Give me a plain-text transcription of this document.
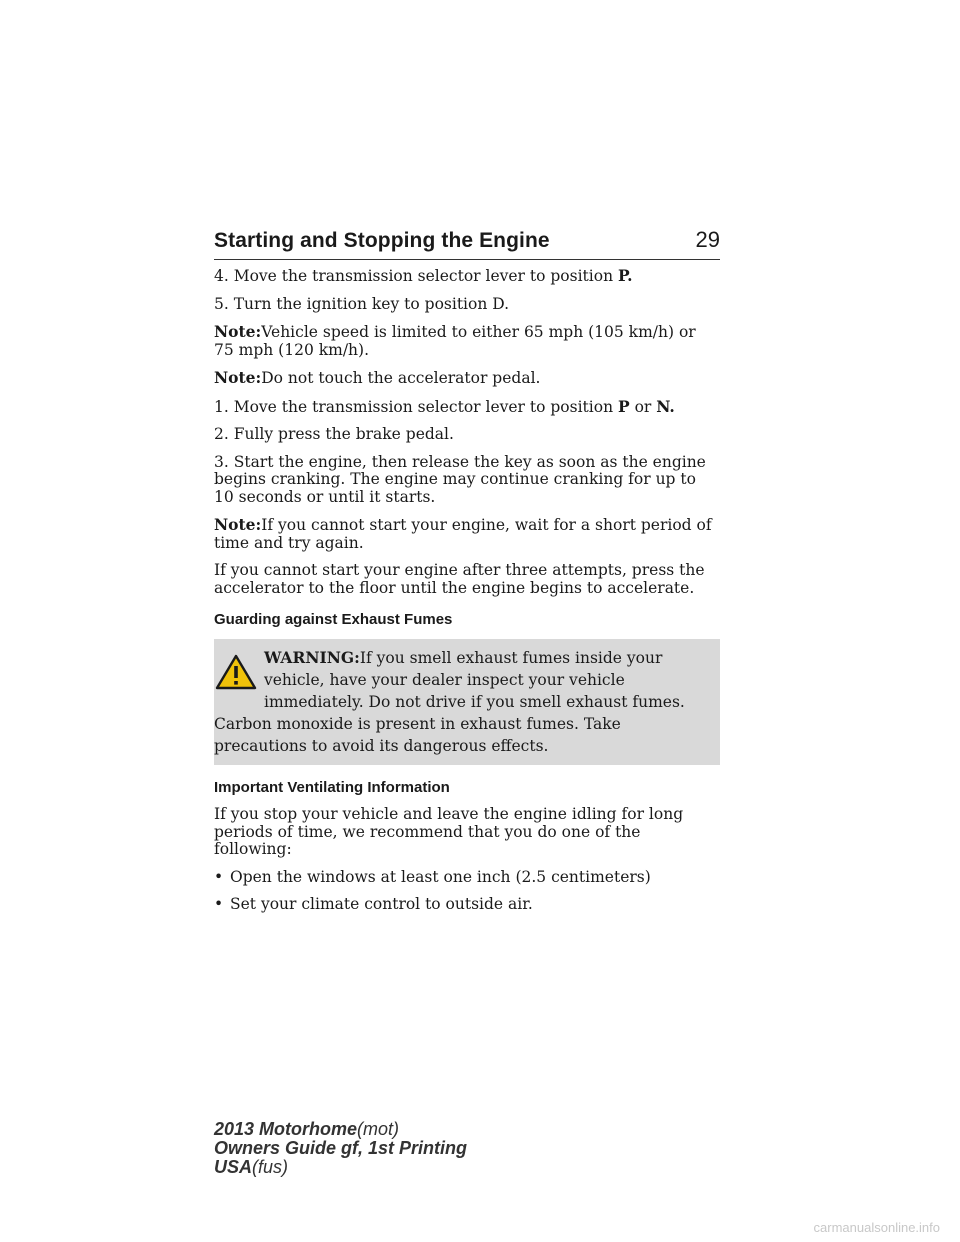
Starting and Stopping the Engine	29

4. Move the transmission selector lever to position P.

5. Turn the ignition key to position D.

Note:Vehicle speed is limited to either 65 mph (105 km/h) or 75 mph (120 km/h).

Note:Do not touch the accelerator pedal.

1. Move the transmission selector lever to position P or N.

2. Fully press the brake pedal.

3. Start the engine, then release the key as soon as the engine begins cranking. The engine may continue cranking for up to 10 seconds or until it starts.

Note:If you cannot start your engine, wait for a short period of time and try again.

If you cannot start your engine after three attempts, press the accelerator to the floor until the engine begins to accelerate.

Guarding against Exhaust Fumes
WARNING:If you smell exhaust fumes inside your vehicle, have your dealer inspect your vehicle immediately. Do not drive if you smell exhaust fumes. Carbon monoxide is present in exhaust fumes. Take precautions to avoid its dangerous effects.
Important Ventilating Information

If you stop your vehicle and leave the engine idling for long periods of time, we recommend that you do one of the following:

• Open the windows at least one inch (2.5 centimeters)
• Set your climate control to outside air.
2013 Motorhome(mot)
Owners Guide gf, 1st Printing
USA(fus)
carmanualsonline.info
